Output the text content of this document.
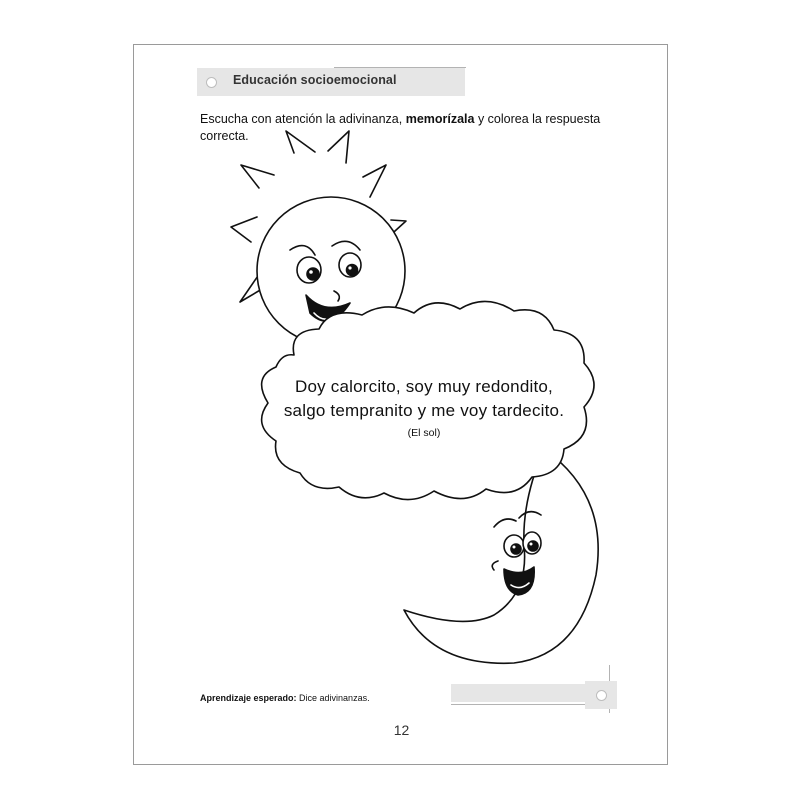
Educación socioemocional
Escucha con atención la adivinanza, memorízala y colorea la respuesta correcta.
Doy calorcito, soy muy redondito,
salgo tempranito y me voy tardecito.
(El sol)
Aprendizaje esperado: Dice adivinanzas.
12
